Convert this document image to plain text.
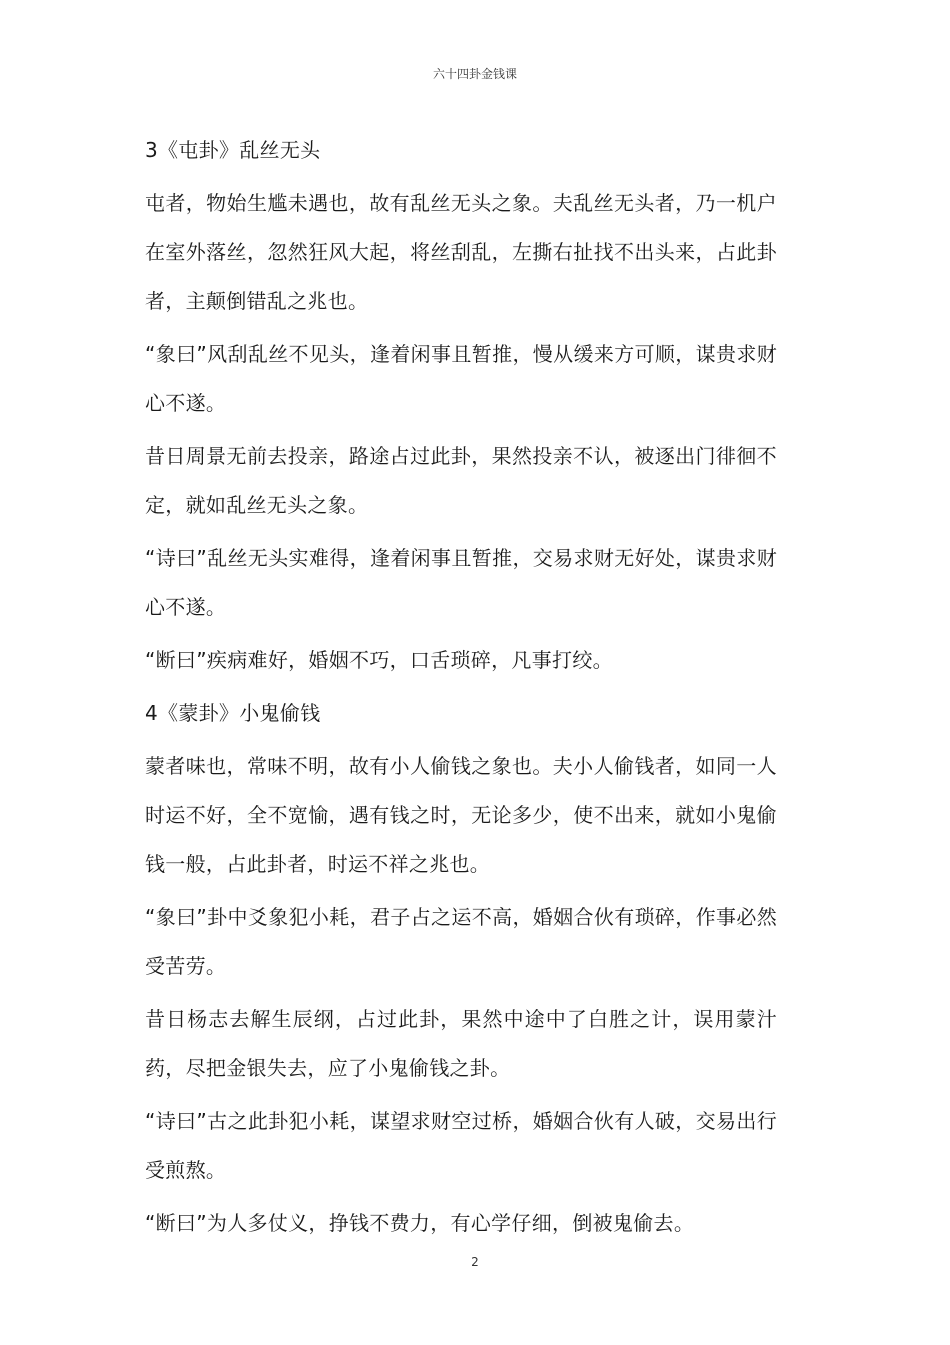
六十四卦金钱课

3《屯卦》乱丝无头

屯者，物始生尴未遇也，故有乱丝无头之象。夫乱丝无头者，乃一机户在室外落丝，忽然狂风大起，将丝刮乱，左撕右扯找不出头来，占此卦者，主颠倒错乱之兆也。

“象曰”风刮乱丝不见头，逢着闲事且暂推，慢从缓来方可顺，谋贵求财心不遂。

昔日周景无前去投亲，路途占过此卦，果然投亲不认，被逐出门徘徊不定，就如乱丝无头之象。

“诗曰”乱丝无头实难得，逢着闲事且暂推，交易求财无好处，谋贵求财心不遂。

“断曰”疾病难好，婚姻不巧，口舌琐碎，凡事打绞。

4《蒙卦》小鬼偷钱

蒙者味也，常味不明，故有小人偷钱之象也。夫小人偷钱者，如同一人时运不好，全不宽愉，遇有钱之时，无论多少，使不出来，就如小鬼偷钱一般，占此卦者，时运不祥之兆也。

“象曰”卦中爻象犯小耗，君子占之运不高，婚姻合伙有琐碎，作事必然受苦劳。

昔日杨志去解生辰纲，占过此卦，果然中途中了白胜之计，误用蒙汁药，尽把金银失去，应了小鬼偷钱之卦。

“诗曰”古之此卦犯小耗，谋望求财空过桥，婚姻合伙有人破，交易出行受煎熬。

“断曰”为人多仗义，挣钱不费力，有心学仔细，倒被鬼偷去。

2
